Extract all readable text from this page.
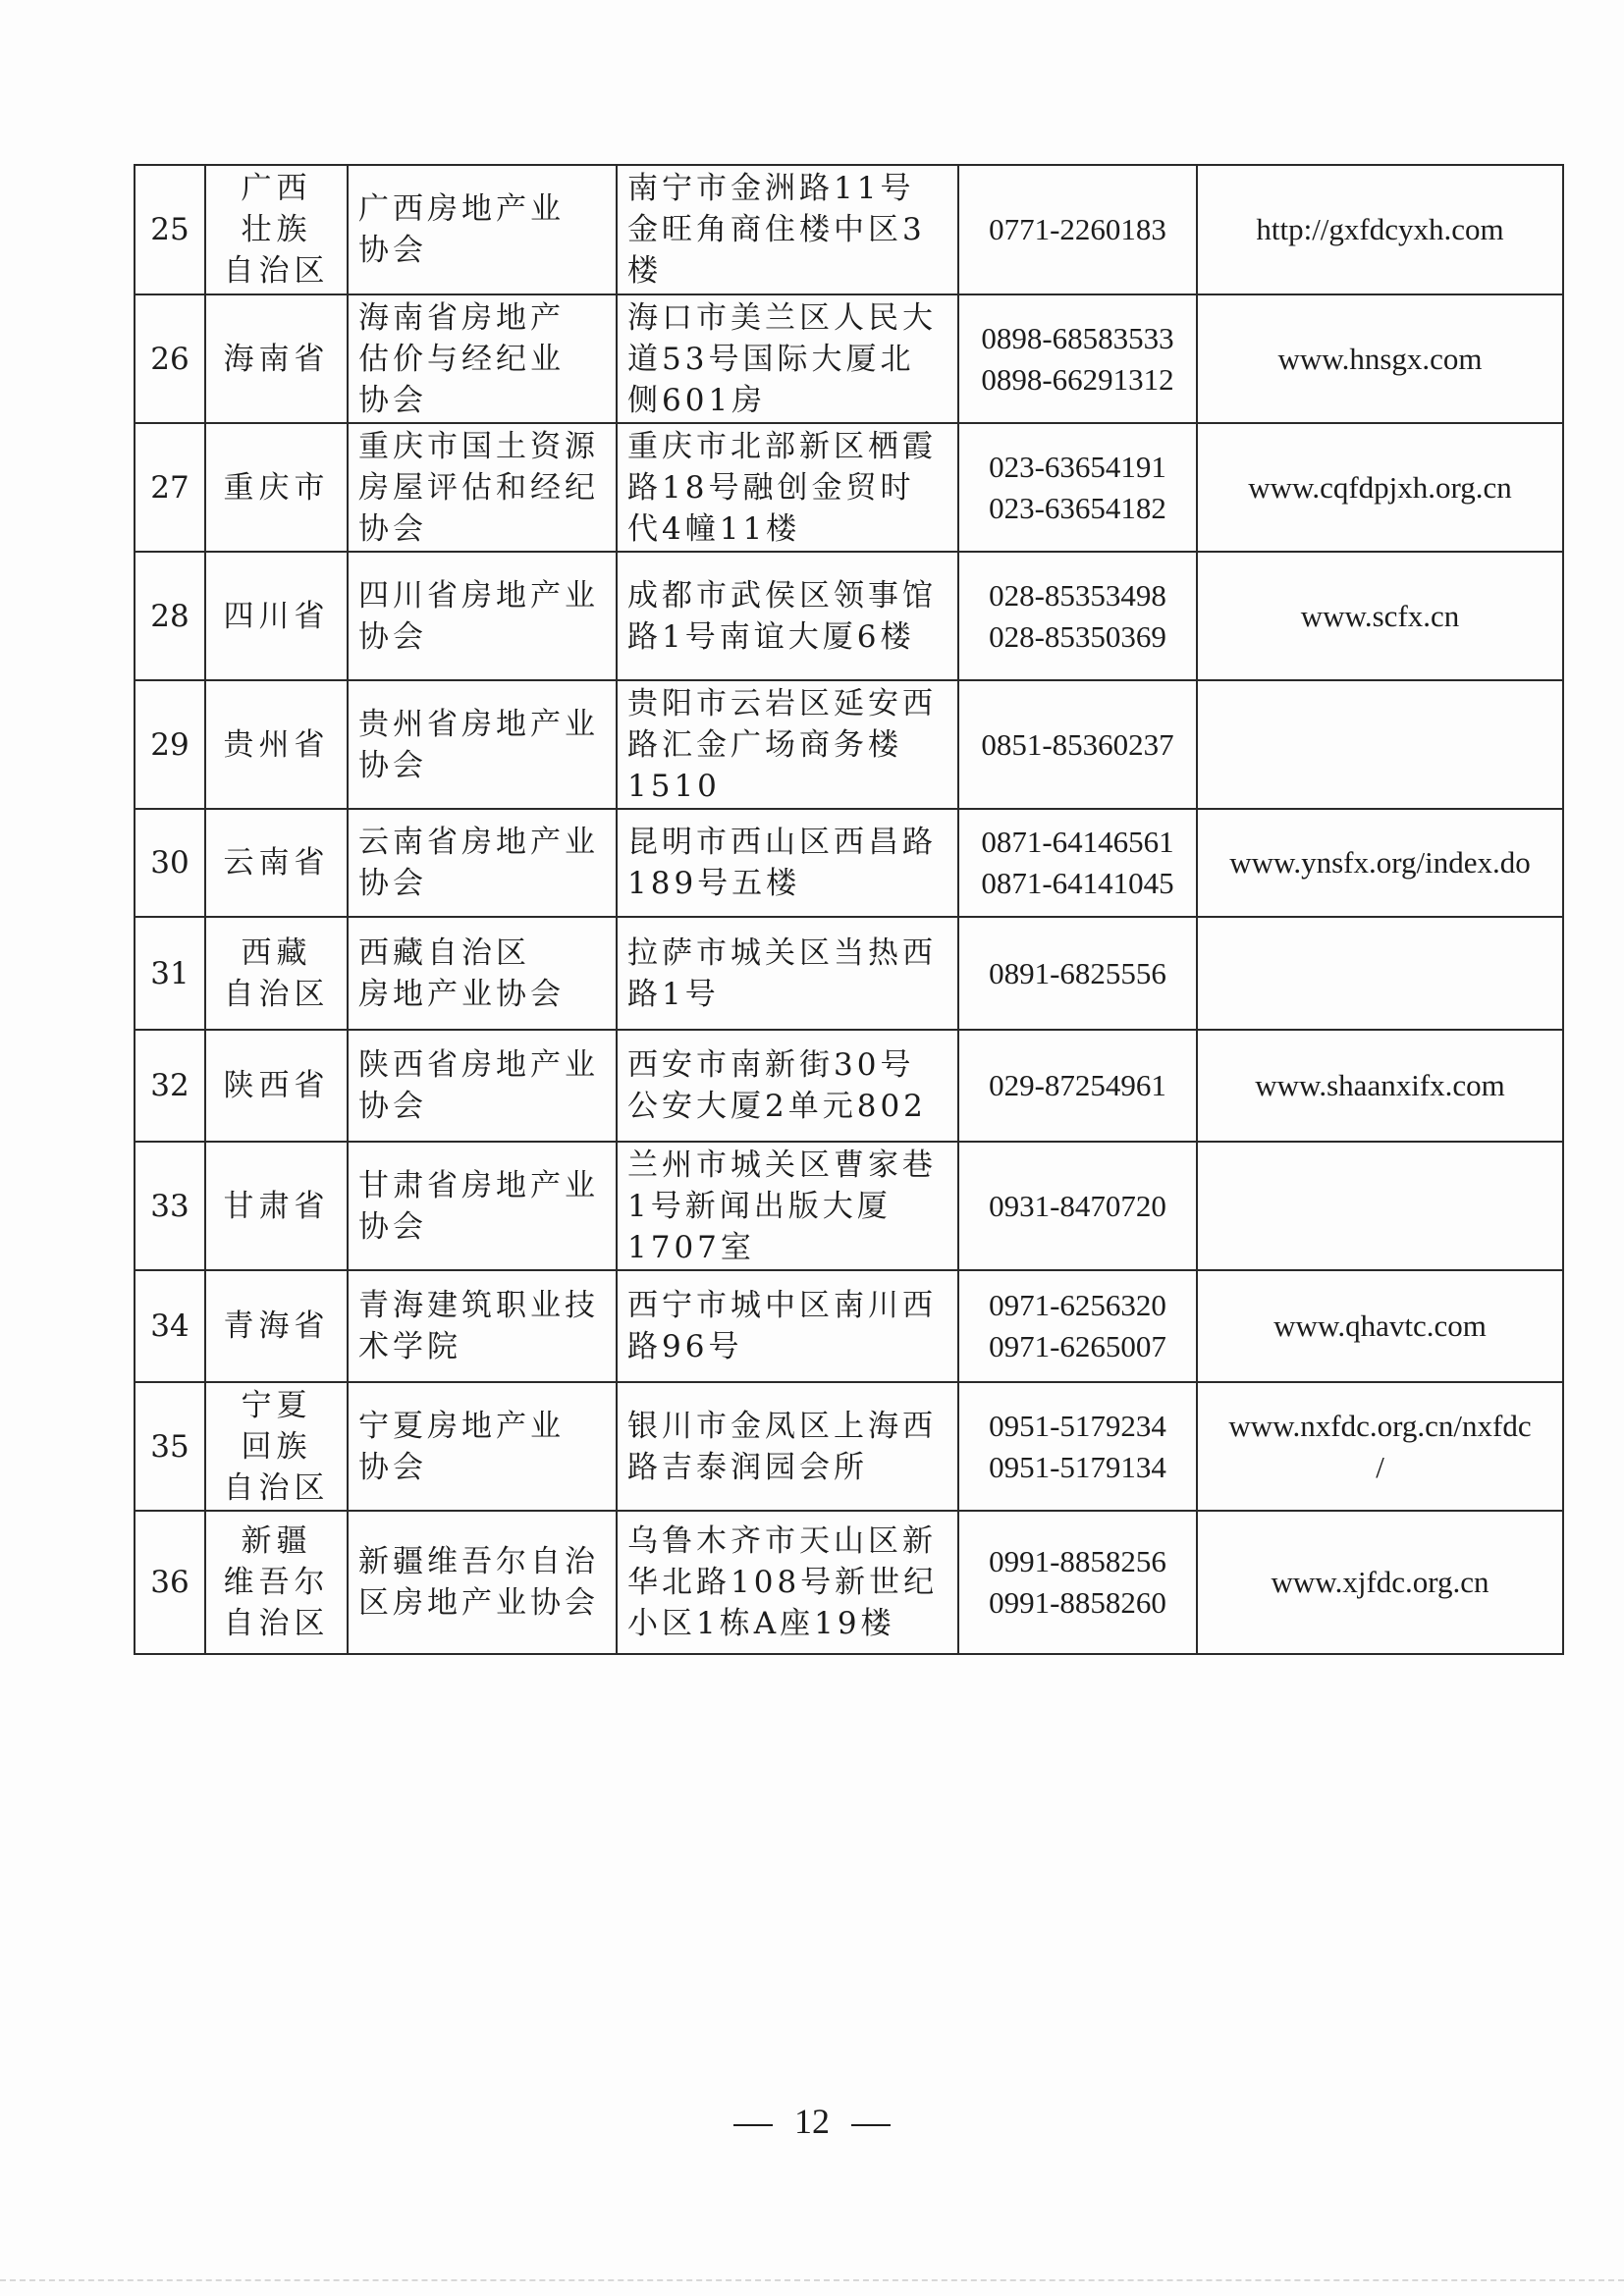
25	广西
壮族
自治区	广西房地产业
协会	南宁市金洲路11号
金旺角商住楼中区3
楼	0771-2260183	http://gxfdcyxh.com

26	海南省	海南省房地产
估价与经纪业
协会	海口市美兰区人民大
道53号国际大厦北
侧601房	0898-68583533
0898-66291312	www.hnsgx.com

27	重庆市	重庆市国土资源
房屋评估和经纪
协会	重庆市北部新区栖霞
路18号融创金贸时
代4幢11楼	023-63654191
023-63654182	www.cqfdpjxh.org.cn

28	四川省	四川省房地产业
协会	成都市武侯区领事馆
路1号南谊大厦6楼	028-85353498
028-85350369	www.scfx.cn

29	贵州省	贵州省房地产业
协会	贵阳市云岩区延安西
路汇金广场商务楼
1510	0851-85360237	

30	云南省	云南省房地产业
协会	昆明市西山区西昌路
189号五楼	0871-64146561
0871-64141045	www.ynsfx.org/index.do

31	西藏
自治区	西藏自治区
房地产业协会	拉萨市城关区当热西
路1号	0891-6825556	

32	陕西省	陕西省房地产业
协会	西安市南新街30号
公安大厦2单元802	029-87254961	www.shaanxifx.com

33	甘肃省	甘肃省房地产业
协会	兰州市城关区曹家巷
1号新闻出版大厦
1707室	0931-8470720	

34	青海省	青海建筑职业技
术学院	西宁市城中区南川西
路96号	0971-6256320
0971-6265007	www.qhavtc.com

35	宁夏
回族
自治区	宁夏房地产业
协会	银川市金凤区上海西
路吉泰润园会所	0951-5179234
0951-5179134	www.nxfdc.org.cn/nxfdc
/

36	新疆
维吾尔
自治区	新疆维吾尔自治
区房地产业协会	乌鲁木齐市天山区新
华北路108号新世纪
小区1栋A座19楼	0991-8858256
0991-8858260	www.xjfdc.org.cn
12
